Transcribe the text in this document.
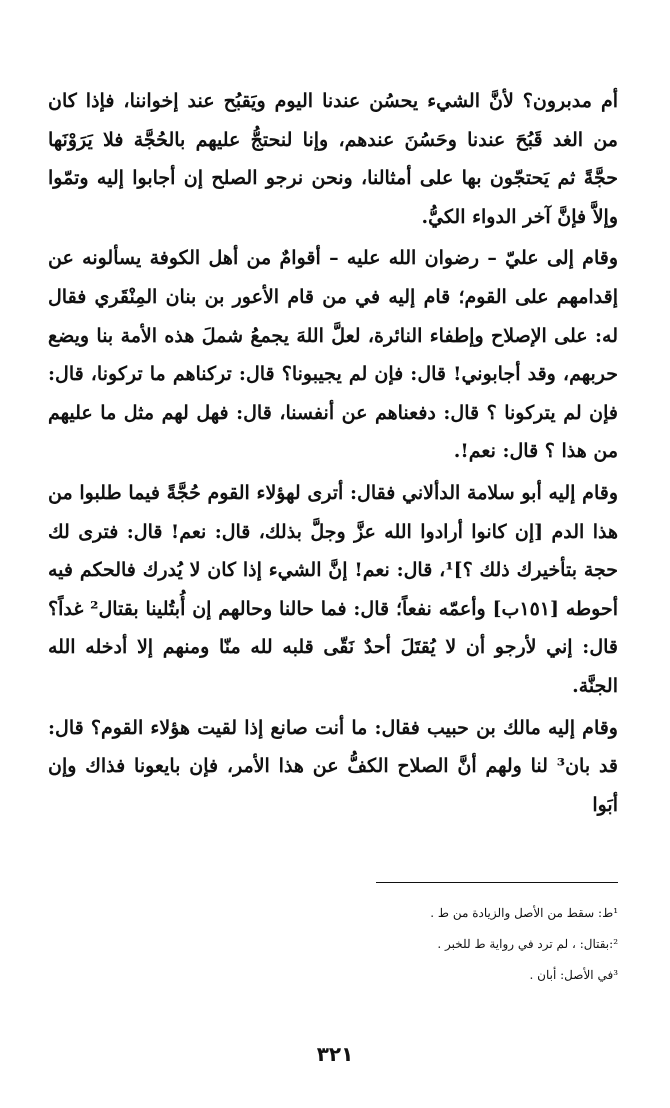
أم مدبرون؟ لأنَّ الشيء يحسُن عندنا اليوم ويَقبُح عند إخواننا، فإذا كان من الغد قَبُحَ عندنا وحَسُنَ عندهم، وإنا لنحتجُّ عليهم بالحُجَّة فلا يَرَوْنَها حجَّةً ثم يَحتجّون بها على أمثالنا، ونحن نرجو الصلح إن أجابوا إليه وتمّوا وإلاَّ فإنَّ آخر الدواء الكيُّ.

وقام إلى عليّ – رضوان الله عليه – أقوامٌ من أهل الكوفة يسألونه عن إقدامهم على القوم؛ قام إليه في من قام الأعور بن بنان المِنْقَري فقال له: على الإصلاح وإطفاء النائرة، لعلَّ اللهَ يجمعُ شملَ هذه الأمة بنا ويضع حربهم، وقد أجابوني! قال: فإن لم يجيبونا؟ قال: تركناهم ما تركونا، قال: فإن لم يتركونا ؟ قال: دفعناهم عن أنفسنا، قال: فهل لهم مثل ما عليهم من هذا ؟ قال: نعم!.

وقام إليه أبو سلامة الدألاني فقال: أترى لهؤلاء القوم حُجَّةً فيما طلبوا من هذا الدم [إن كانوا أرادوا الله عزَّ وجلَّ بذلك، قال: نعم! قال: فترى لك حجة بتأخيرك ذلك ؟]¹، قال: نعم! إنَّ الشيء إذا كان لا يُدرك فالحكم فيه أحوطه [١٥١ب] وأعمّه نفعاً؛ قال: فما حالنا وحالهم إن أُبتُلينا بقتال² غداً؟ قال: إني لأرجو أن لا يُقتَلَ أحدٌ نَقّى قلبه لله منّا ومنهم إلا أدخله الله الجنَّة.

وقام إليه مالك بن حبيب فقال: ما أنت صانع إذا لقيت هؤلاء القوم؟ قال: قد بان³ لنا ولهم أنَّ الصلاح الكفُّ عن هذا الأمر، فإن بايعونا فذاك وإن أبَوا

¹ط: سقط من الأصل والزيادة من ط .
²:بقتال: ، لم ترد في رواية ط للخبر .
³في الأصل: أبان .
٣٢١
